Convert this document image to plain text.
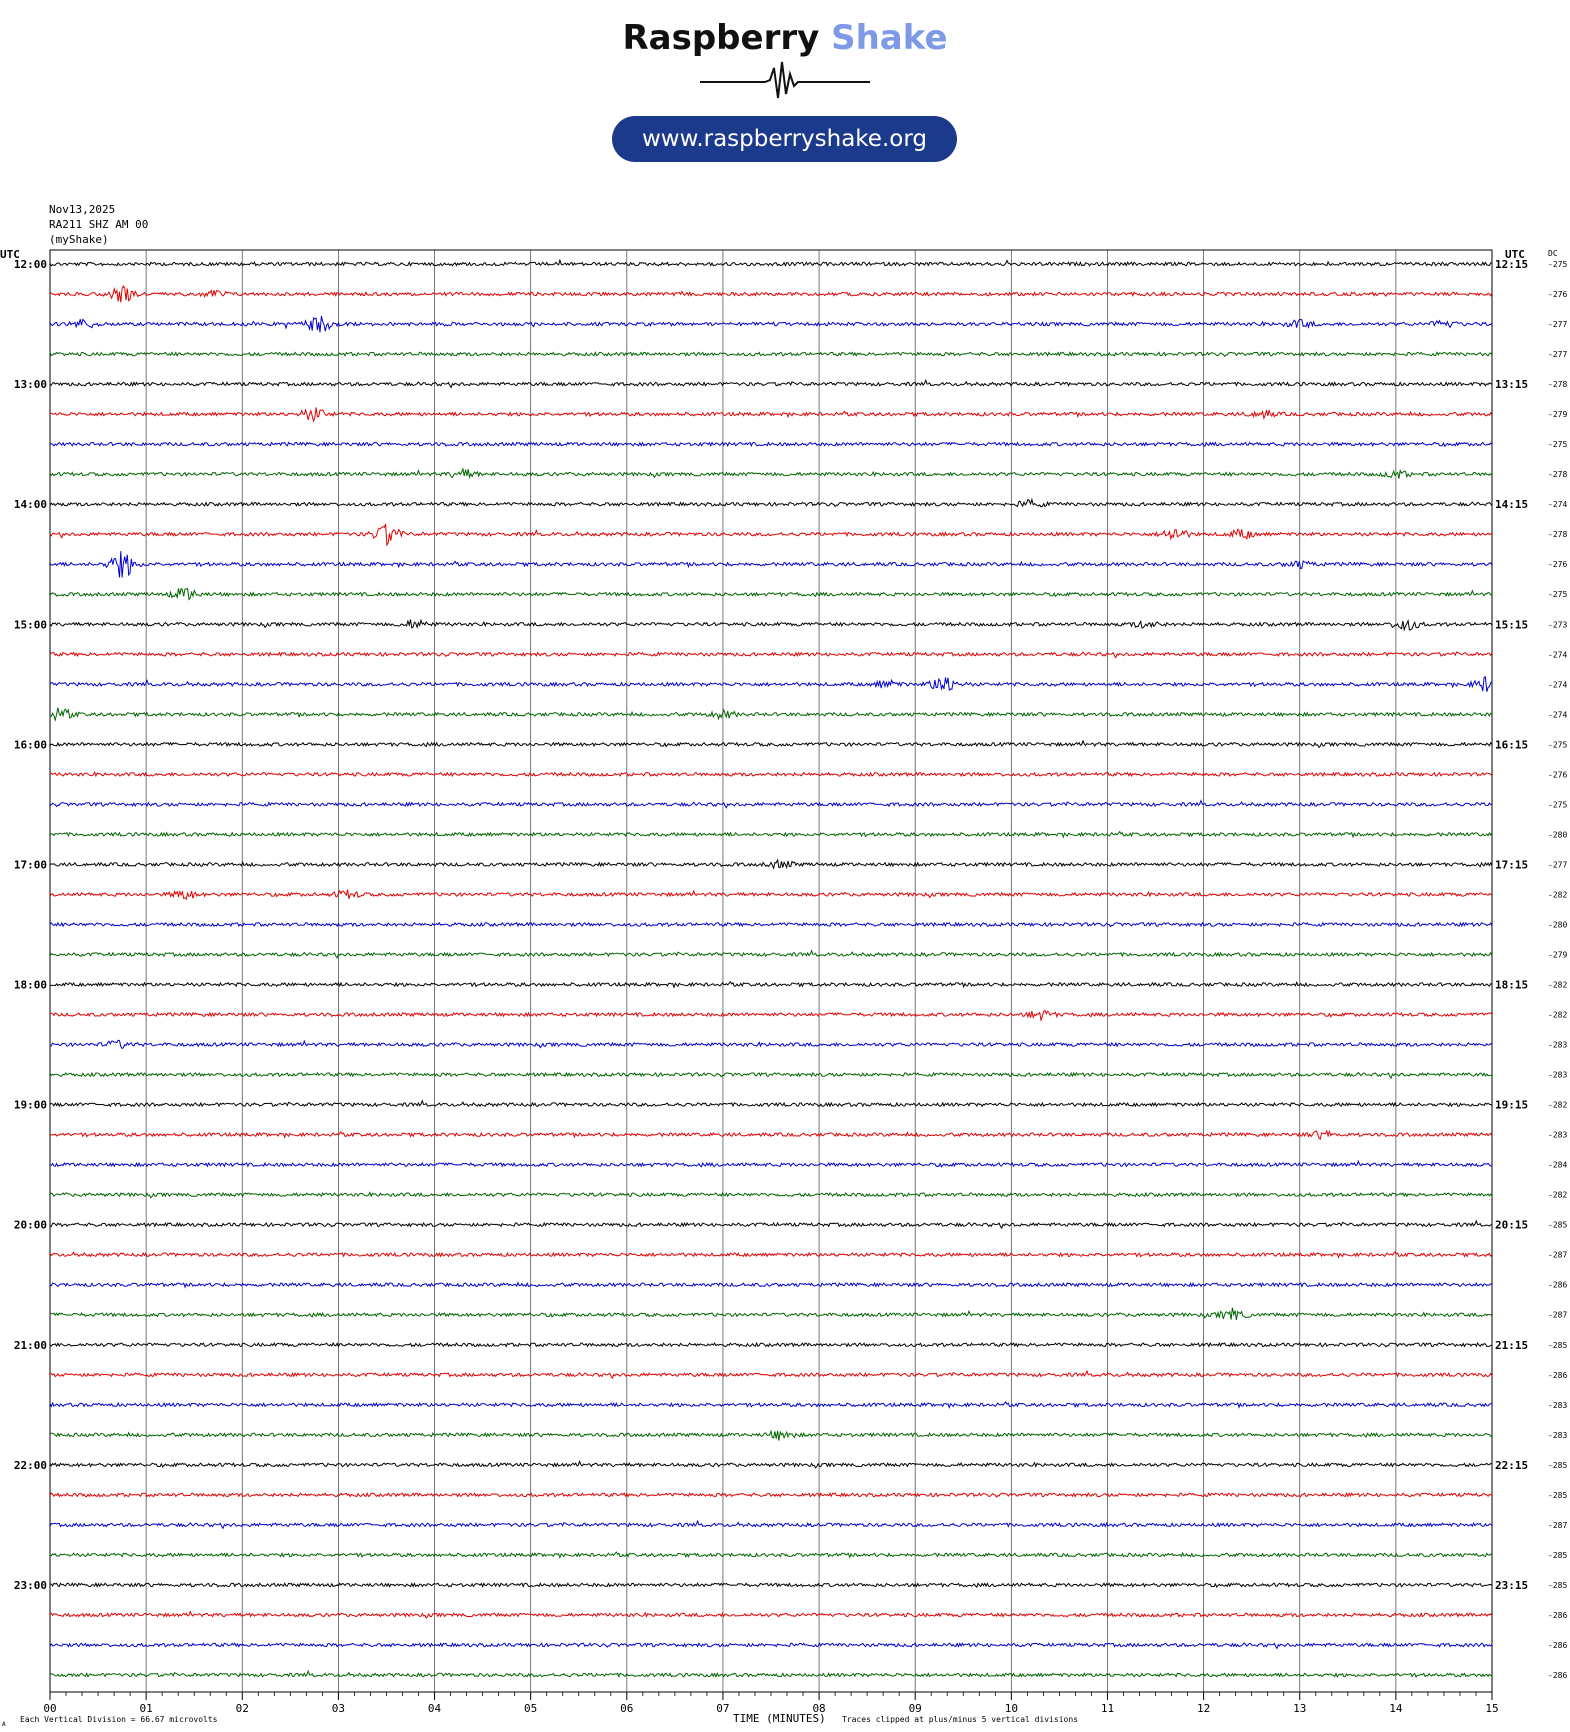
Raspberry Shake
www.raspberryshake.org
Nov13,2025
RA211 SHZ AM 00
(myShake)
12:00	12:15
13:00	13:15
14:00	14:15
15:00	15:15
16:00	16:15
17:00	17:15
18:00	18:15
19:00	19:15
20:00	20:15
21:00	21:15
22:00	22:15
23:00	23:15
UTC	UTC	DC
-275
-276
-277
-277
-278
-279
-275
-278
-274
-278
-276
-275
-273
-274
-274
-274
-275
-276
-275
-280
-277
-282
-280
-279
-282
-282
-283
-283
-282
-283
-284
-282
-285
-287
-286
-287
-285
-286
-283
-283
-285
-285
-287
-285
-285
-286
-286
-286
00	01	02	03	04	05	06	07	08	09	10	11	12	13	14	15
Each Vertical Division = 66.67 microvolts	TIME (MINUTES) Traces clipped at plus/minus 5 vertical divisions
A
